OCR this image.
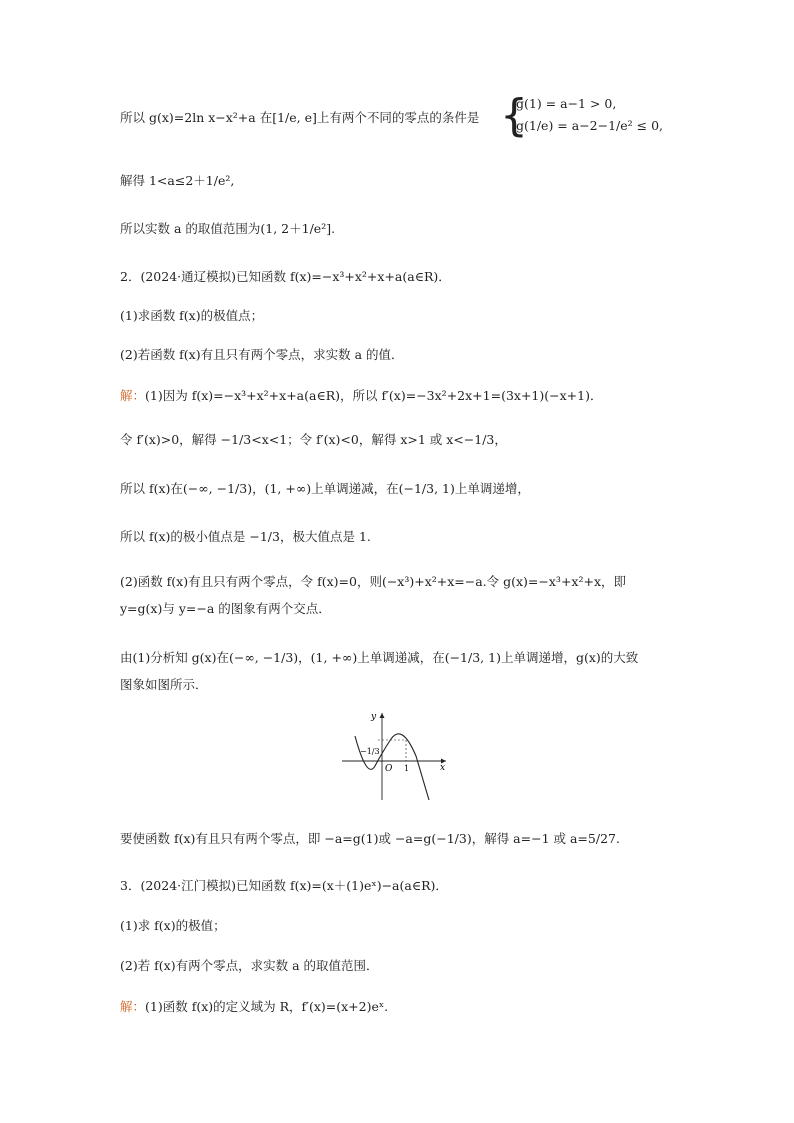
所以 g(x)=2ln x−x²+a 在[1/e, e]上有两个不同的零点的条件是 {
g(1) = a−1 > 0,
g(1/e) = a−2−1/e² ≤ 0,
解得 1<a≤2＋1/e²,
所以实数 a 的取值范围为(1, 2＋1/e²].
2．(2024·通辽模拟)已知函数 f(x)=−x³+x²+x+a(a∈R)．
(1)求函数 f(x)的极值点；
(2)若函数 f(x)有且只有两个零点，求实数 a 的值．
解：(1)因为 f(x)=−x³+x²+x+a(a∈R)，所以 f′(x)=−3x²+2x+1=(3x+1)(−x+1)．
令 f′(x)>0，解得 −1/3<x<1；令 f′(x)<0，解得 x>1 或 x<−1/3，
所以 f(x)在(−∞, −1/3)，(1, +∞)上单调递减，在(−1/3, 1)上单调递增，
所以 f(x)的极小值点是 −1/3，极大值点是 1.
(2)函数 f(x)有且只有两个零点，令 f(x)=0，则(−x³)+x²+x=−a.令 g(x)=−x³+x²+x，即 y=g(x)与 y=−a 的图象有两个交点．
由(1)分析知 g(x)在(−∞, −1/3)，(1, +∞)上单调递减，在(−1/3, 1)上单调递增，g(x)的大致图象如图所示．
y
x
O
−1/3
1
要使函数 f(x)有且只有两个零点，即 −a=g(1)或 −a=g(−1/3)，解得 a=−1 或 a=5/27.
3．(2024·江门模拟)已知函数 f(x)=(x＋(1)eˣ)−a(a∈R)．
(1)求 f(x)的极值；
(2)若 f(x)有两个零点，求实数 a 的取值范围．
解：(1)函数 f(x)的定义域为 R，f′(x)=(x+2)eˣ.
